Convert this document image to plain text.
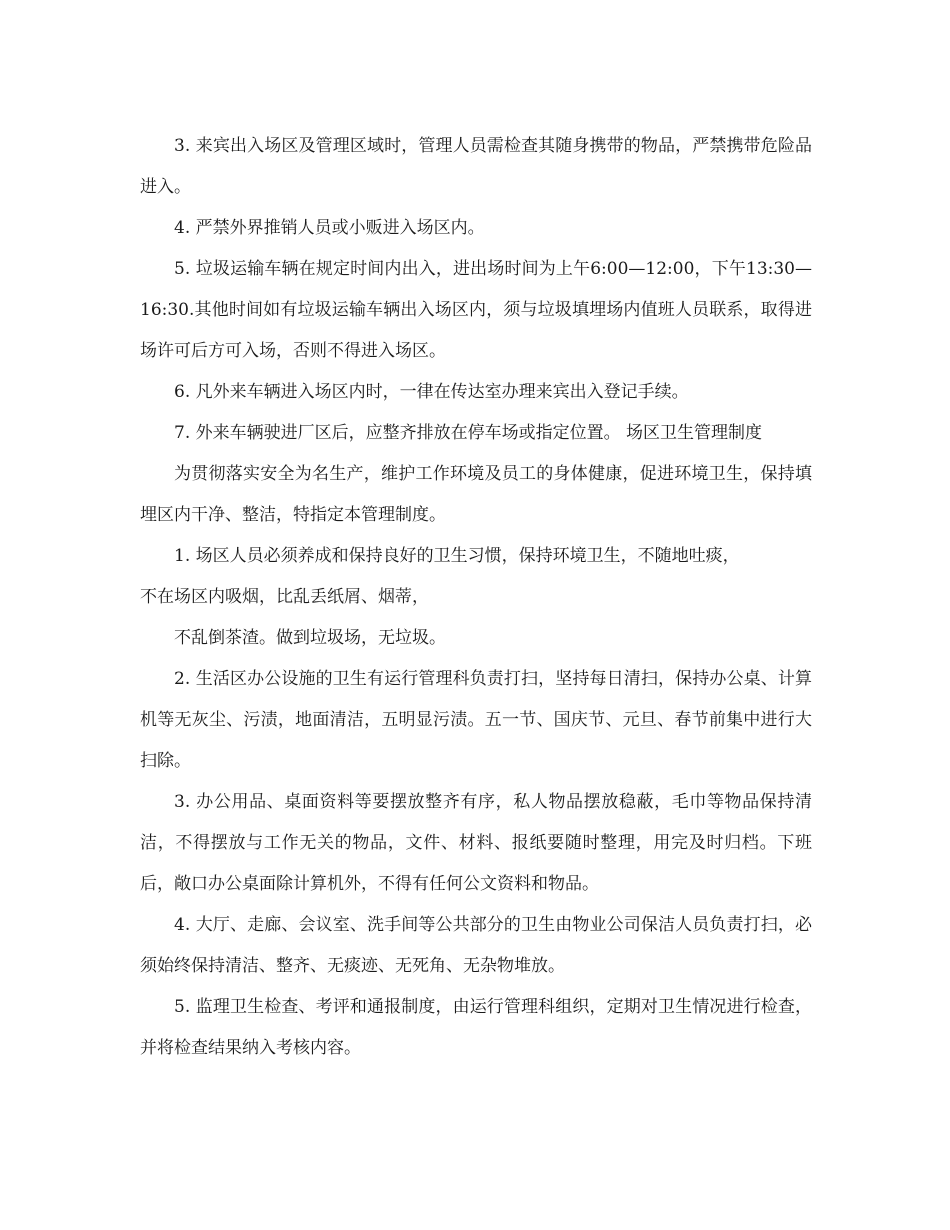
3. 来宾出入场区及管理区域时，管理人员需检查其随身携带的物品，严禁携带危险品进入。

4. 严禁外界推销人员或小贩进入场区内。

5. 垃圾运输车辆在规定时间内出入，进出场时间为上午6:00—12:00，下午13:30—16:30.其他时间如有垃圾运输车辆出入场区内，须与垃圾填埋场内值班人员联系，取得进场许可后方可入场，否则不得进入场区。

6. 凡外来车辆进入场区内时，一律在传达室办理来宾出入登记手续。

7. 外来车辆驶进厂区后，应整齐排放在停车场或指定位置。 场区卫生管理制度

为贯彻落实安全为名生产，维护工作环境及员工的身体健康，促进环境卫生，保持填埋区内干净、整洁，特指定本管理制度。

1. 场区人员必须养成和保持良好的卫生习惯，保持环境卫生，不随地吐痰，

不在场区内吸烟，比乱丢纸屑、烟蒂，

不乱倒茶渣。做到垃圾场，无垃圾。

2. 生活区办公设施的卫生有运行管理科负责打扫，坚持每日清扫，保持办公桌、计算机等无灰尘、污渍，地面清洁，五明显污渍。五一节、国庆节、元旦、春节前集中进行大扫除。

3. 办公用品、桌面资料等要摆放整齐有序，私人物品摆放稳蔽，毛巾等物品保持清洁，不得摆放与工作无关的物品，文件、材料、报纸要随时整理，用完及时归档。下班后，敞口办公桌面除计算机外，不得有任何公文资料和物品。

4. 大厅、走廊、会议室、洗手间等公共部分的卫生由物业公司保洁人员负责打扫，必须始终保持清洁、整齐、无痰迹、无死角、无杂物堆放。

5. 监理卫生检查、考评和通报制度，由运行管理科组织，定期对卫生情况进行检查，并将检查结果纳入考核内容。
